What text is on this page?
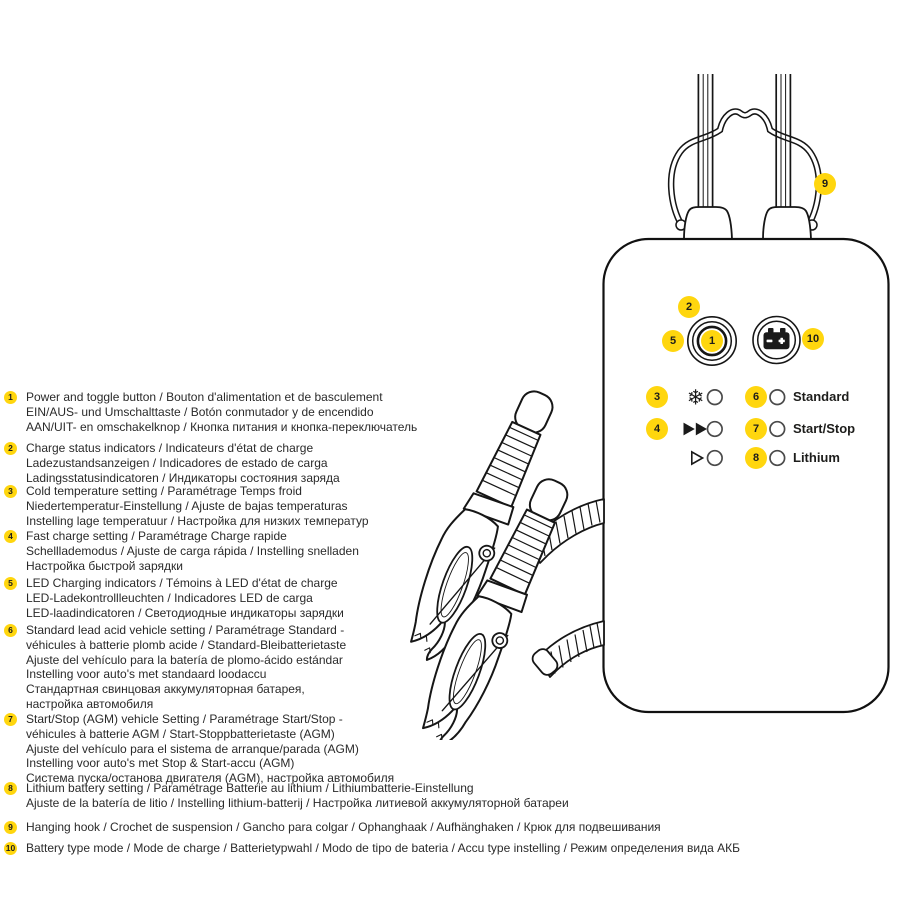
1	Power and toggle button / Bouton d'alimentation et de basculement
EIN/AUS- und Umschalttaste / Botón conmutador y de encendido
AAN/UIT- en omschakelknop / Кнопка питания и кнопка-переключатель
2	Charge status indicators / Indicateurs d'état de charge
Ladezustandsanzeigen / Indicadores de estado de carga
Ladingsstatusindicatoren / Индикаторы состояния заряда
3	Cold temperature setting / Paramétrage Temps froid
Niedertemperatur-Einstellung / Ajuste de bajas temperaturas
Instelling lage temperatuur / Настройка для низких температур
4	Fast charge setting / Paramétrage Charge rapide
Schelllademodus / Ajuste de carga rápida / Instelling snelladen
Настройка быстрой зарядки
5	LED Charging indicators / Témoins à LED d'état de charge
LED-Ladekontrollleuchten / Indicadores LED de carga
LED-laadindicatoren / Светодиодные индикаторы зарядки
6	Standard lead acid vehicle setting / Paramétrage Standard -
véhicules à batterie plomb acide / Standard-Bleibatterietaste
Ajuste del vehículo para la batería de plomo-ácido estándar
Instelling voor auto's met standaard loodaccu
Стандартная свинцовая аккумуляторная батарея,
настройка автомобиля
7	Start/Stop (AGM) vehicle Setting / Paramétrage Start/Stop -
véhicules à batterie AGM / Start-Stoppbatterietaste (AGM)
Ajuste del vehículo para el sistema de arranque/parada (AGM)
Instelling voor auto's met Stop & Start-accu (AGM)
Система пуска/останова двигателя (AGM), настройка автомобиля
8	Lithium battery setting / Paramétrage Batterie au lithium / Lithiumbatterie-Einstellung
Ajuste de la batería de litio / Instelling lithium-batterij / Настройка литиевой аккумуляторной батареи
9	Hanging hook / Crochet de suspension / Gancho para colgar / Ophanghaak / Aufhänghaken / Крюк для подвешивания
10 Battery type mode / Mode de charge / Batterietypwahl / Modo de tipo de bateria / Accu type instelling / Режим определения вида АКБ
❄
1
2
3
4
5
6
7
8
9
10
Standard
Start/Stop
Lithium
